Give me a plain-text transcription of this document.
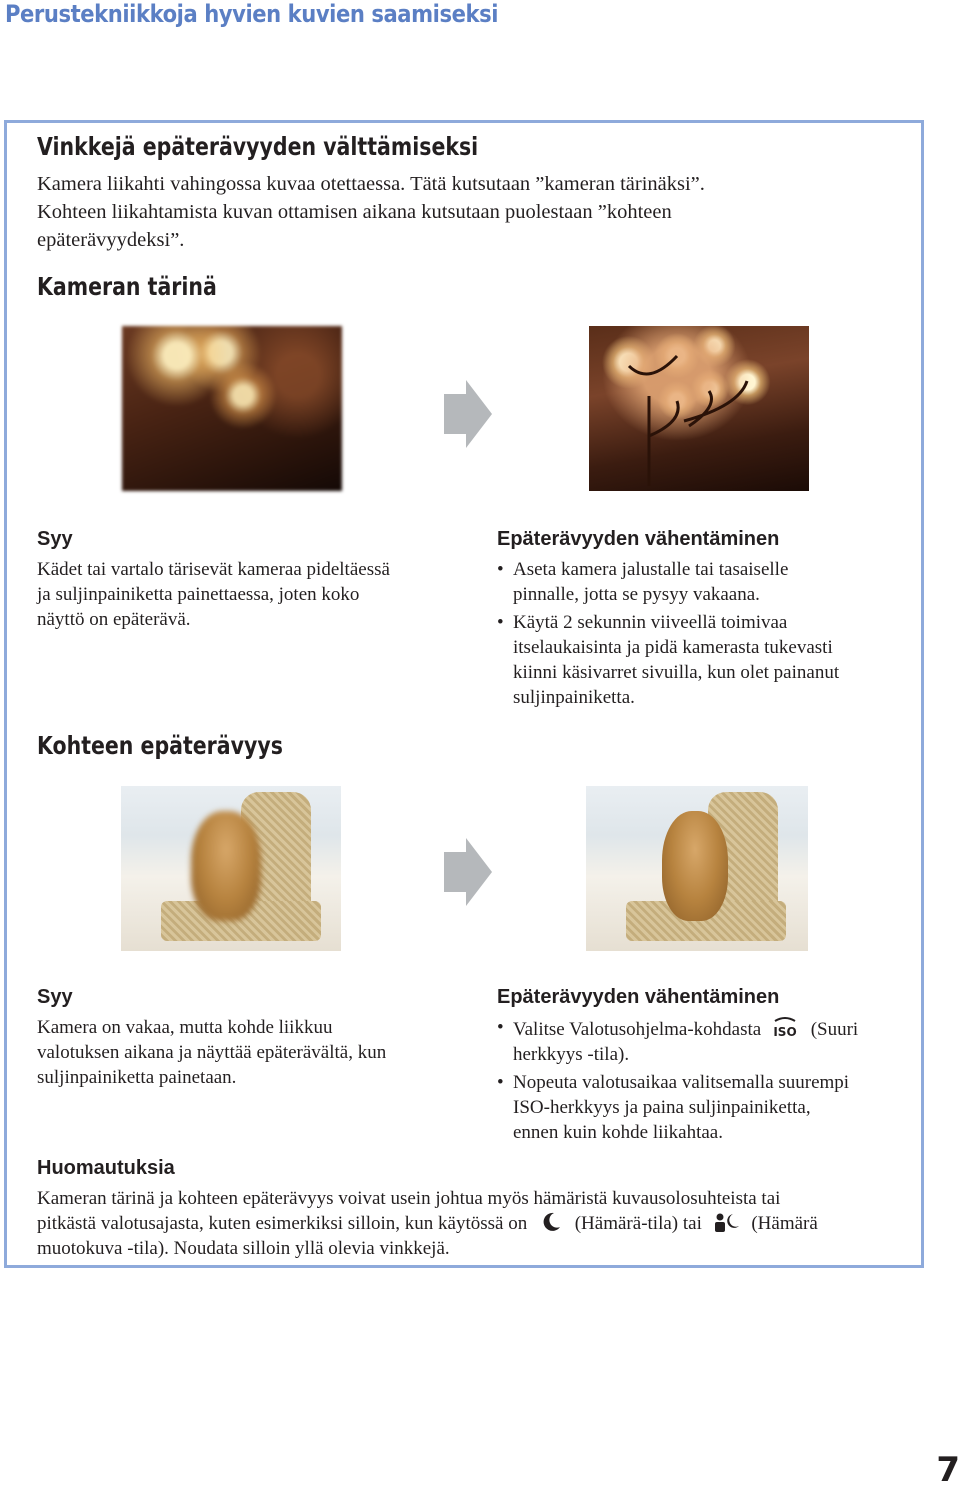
Perustekniikkoja hyvien kuvien saamiseksi
Vinkkejä epäterävyyden välttämiseksi
Kamera liikahti vahingossa kuvaa otettaessa. Tätä kutsutaan ”kameran tärinäksi”.
Kohteen liikahtamista kuvan ottamisen aikana kutsutaan puolestaan ”kohteen
epäterävyydeksi”.
Kameran tärinä
Syy
Kädet tai vartalo tärisevät kameraa pideltäessä
ja suljinpainiketta painettaessa, joten koko
näyttö on epäterävä.
Epäterävyyden vähentäminen
• Aseta kamera jalustalle tai tasaiselle
pinnalle, jotta se pysyy vakaana.
• Käytä 2 sekunnin viiveellä toimivaa
itselaukaisinta ja pidä kamerasta tukevasti
kiinni käsivarret sivuilla, kun olet painanut
suljinpainiketta.
Kohteen epäterävyys
Syy
Kamera on vakaa, mutta kohde liikkuu
valotuksen aikana ja näyttää epäterävältä, kun
suljinpainiketta painetaan.
Epäterävyyden vähentäminen
• Valitse Valotusohjelma-kohdasta ISO (Suuri
herkkyys -tila).
• Nopeuta valotusaikaa valitsemalla suurempi
ISO-herkkyys ja paina suljinpainiketta,
ennen kuin kohde liikahtaa.
Huomautuksia
Kameran tärinä ja kohteen epäterävyys voivat usein johtua myös hämäristä kuvausolosuhteista tai
pitkästä valotusajasta, kuten esimerkiksi silloin, kun käytössä on	(Hämärä-tila) tai	(Hämärä
muotokuva -tila). Noudata silloin yllä olevia vinkkejä.
7
